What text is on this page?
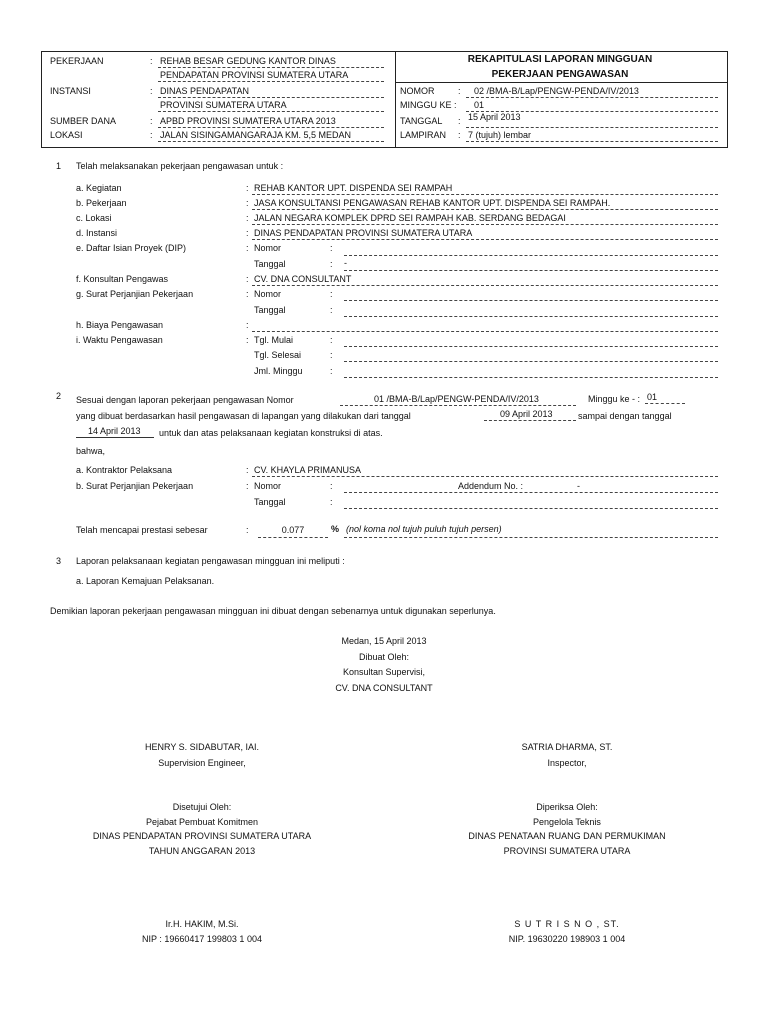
PEKERJAAN	: REHAB BESAR GEDUNG KANTOR DINAS
PENDAPATAN PROVINSI SUMATERA UTARA
INSTANSI	: DINAS PENDAPATAN
PROVINSI SUMATERA UTARA
SUMBER DANA	: APBD PROVINSI SUMATERA UTARA 2013
LOKASI	: JALAN SISINGAMANGARAJA KM. 5,5 MEDAN
REKAPITULASI LAPORAN MINGGUAN
PEKERJAAN PENGAWASAN
NOMOR	: 02 /BMA-B/Lap/PENGW-PENDA/IV/2013
MINGGU KE : 01
TANGGAL : 15 April 2013
LAMPIRAN : 7 (tujuh) lembar
1 Telah melaksanakan pekerjaan pengawasan untuk :
a. Kegiatan	: REHAB KANTOR UPT. DISPENDA SEI RAMPAH
b. Pekerjaan	: JASA KONSULTANSI PENGAWASAN REHAB KANTOR UPT. DISPENDA SEI RAMPAH.
c. Lokasi	: JALAN NEGARA KOMPLEK DPRD SEI RAMPAH KAB. SERDANG BEDAGAI
d. Instansi	: DINAS PENDAPATAN PROVINSI SUMATERA UTARA
e. Daftar Isian Proyek (DIP)	: Nomor	:
Tanggal	: -
f. Konsultan Pengawas	: CV. DNA CONSULTANT
g. Surat Perjanjian Pekerjaan	: Nomor	:
Tanggal	:
h. Biaya Pengawasan	:
i. Waktu Pengawasan	: Tgl. Mulai	:
Tgl. Selesai	:
Jml. Minggu	:
2 Sesuai dengan laporan pekerjaan pengawasan Nomor	01 /BMA-B/Lap/PENGW-PENDA/IV/2013	Minggu ke - : 01
yang dibuat berdasarkan hasil pengawasan di lapangan yang dilakukan dari tanggal	09 April 2013	sampai dengan tanggal
14 April 2013 untuk dan atas pelaksanaan kegiatan konstruksi di atas.
bahwa,
a. Kontraktor Pelaksana	: CV. KHAYLA PRIMANUSA
b. Surat Perjanjian Pekerjaan	: Nomor	:	Addendum No. :	-
Tanggal	:
Telah mencapai prestasi sebesar	:	0.077	% (nol koma nol tujuh puluh tujuh persen)
3 Laporan pelaksanaan kegiatan pengawasan mingguan ini meliputi :
a. Laporan Kemajuan Pelaksanan.
Demikian laporan pekerjaan pengawasan mingguan ini dibuat dengan sebenarnya untuk digunakan seperlunya.
Medan, 15 April 2013
Dibuat Oleh:
Konsultan Supervisi,
CV. DNA CONSULTANT
HENRY S. SIDABUTAR, IAI.
Supervision Engineer,
SATRIA DHARMA, ST.
Inspector,
Disetujui Oleh:
Pejabat Pembuat Komitmen
DINAS PENDAPATAN PROVINSI SUMATERA UTARA
TAHUN ANGGARAN 2013
Diperiksa Oleh:
Pengelola Teknis
DINAS PENATAAN RUANG DAN PERMUKIMAN
PROVINSI SUMATERA UTARA
Ir.H. HAKIM, M.Si.
NIP : 19660417 199803 1 004
S U T R I S N O , ST.
NIP. 19630220 198903 1 004
